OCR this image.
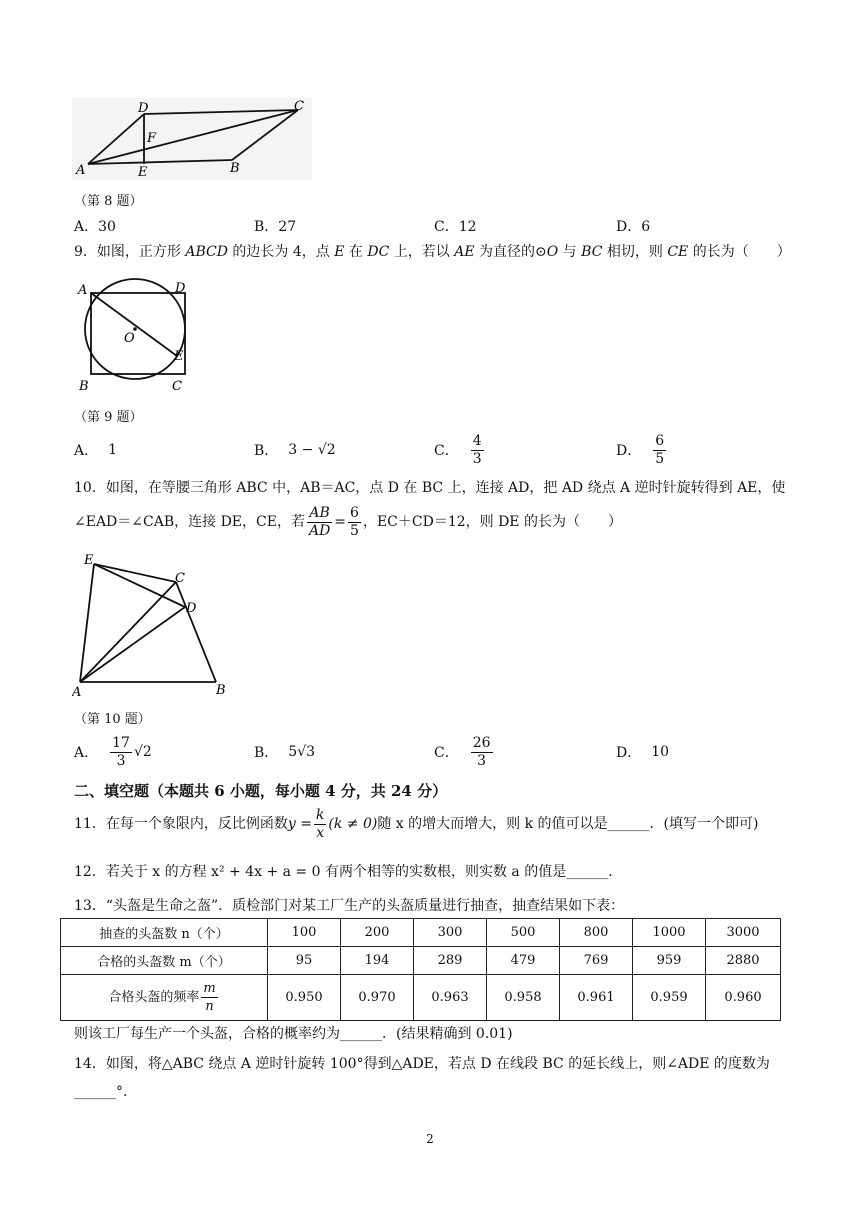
D	C
F
A	E	B
（第 8 题）
A．30	B．27	C．12	D．6
9．如图，正方形 ABCD 的边长为 4，点 E 在 DC 上，若以 AE 为直径的⊙O 与 BC 相切，则 CE 的长为（　　）
A	D
O
E
B	C
（第 9 题）
A． 1	B． 3 − √2	C． $\frac{4}{3}$	D． $\frac{6}{5}$
10．如图，在等腰三角形 ABC 中，AB＝AC，点 D 在 BC 上，连接 AD，把 AD 绕点 A 逆时针旋转得到 AE，使
∠EAD＝∠CAB，连接 DE，CE，若 $\frac{AB}{AD} = \frac{6}{5}$ ，EC＋CD＝12，则 DE 的长为（　　）
E
C
D
A	B
（第 10 题）
A． $\frac{17}{3} √2$	B． 5√3	C． $\frac{26}{3}$	D． 10
二、填空题（本题共 6 小题，每小题 4 分，共 24 分）
11．在每一个象限内，反比例函数 $y = \frac{k}{x} (k \ne 0)$ 随 x 的增大而增大，则 k 的值可以是______．(填写一个即可)
12．若关于 x 的方程 x² + 4x + a = 0 有两个相等的实数根，则实数 a 的值是______．
13．“头盔是生命之盔”．质检部门对某工厂生产的头盔质量进行抽查，抽查结果如下表：
抽查的头盔数 n（个）	100	200	300	500	800	1000	3000
合格的头盔数 m（个）	95	194	289	479	769	959	2880
合格头盔的频率 $\frac{m}{n}$	0.950	0.970	0.963	0.958	0.961	0.959	0.960
则该工厂每生产一个头盔，合格的概率约为______．(结果精确到 0.01)
14．如图，将△ABC 绕点 A 逆时针旋转 100°得到△ADE，若点 D 在线段 BC 的延长线上，则∠ADE 的度数为
______°.
2
